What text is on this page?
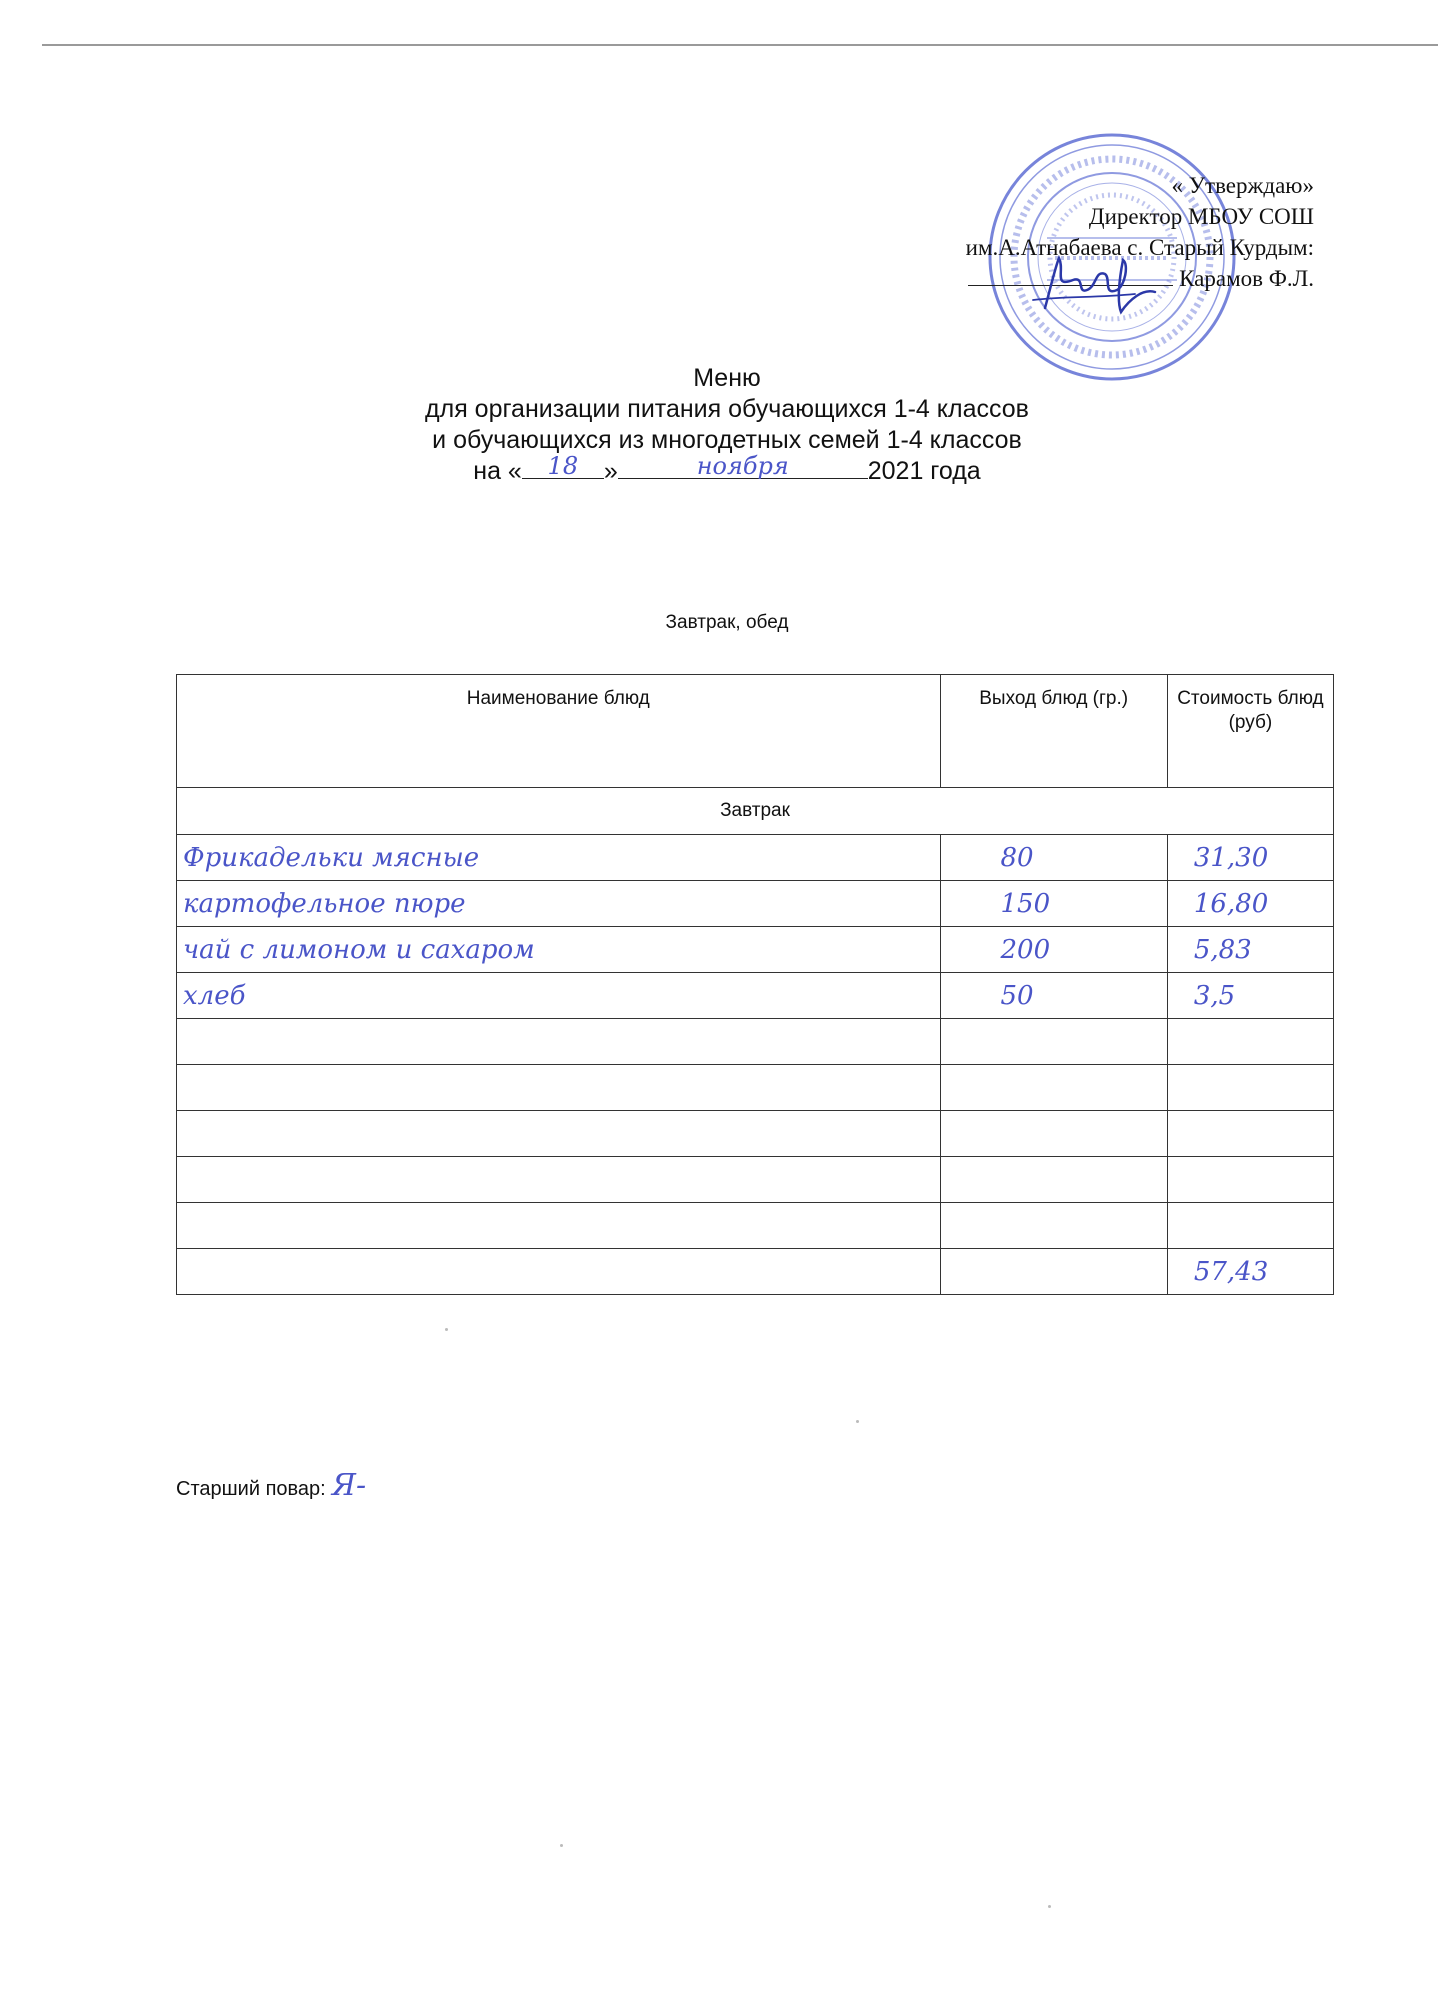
« Утверждаю»
Директор МБОУ СОШ
им.А.Атнабаева с. Старый Курдым:
Карамов Ф.Л.
Меню
для организации питания обучающихся 1-4 классов
и обучающихся из многодетных семей 1-4 классов
на «	18	»	ноября	2021 года
Завтрак, обед
Наименование блюд	Выход блюд (гр.)	Стоимость блюд (руб)
Завтрак		
Фрикадельки мясные	80	31,30
картофельное пюре	150	16,80
чай с лимоном и сахаром	200	5,83
хлеб	50	3,5

		57,43
Старший повар: Я-
